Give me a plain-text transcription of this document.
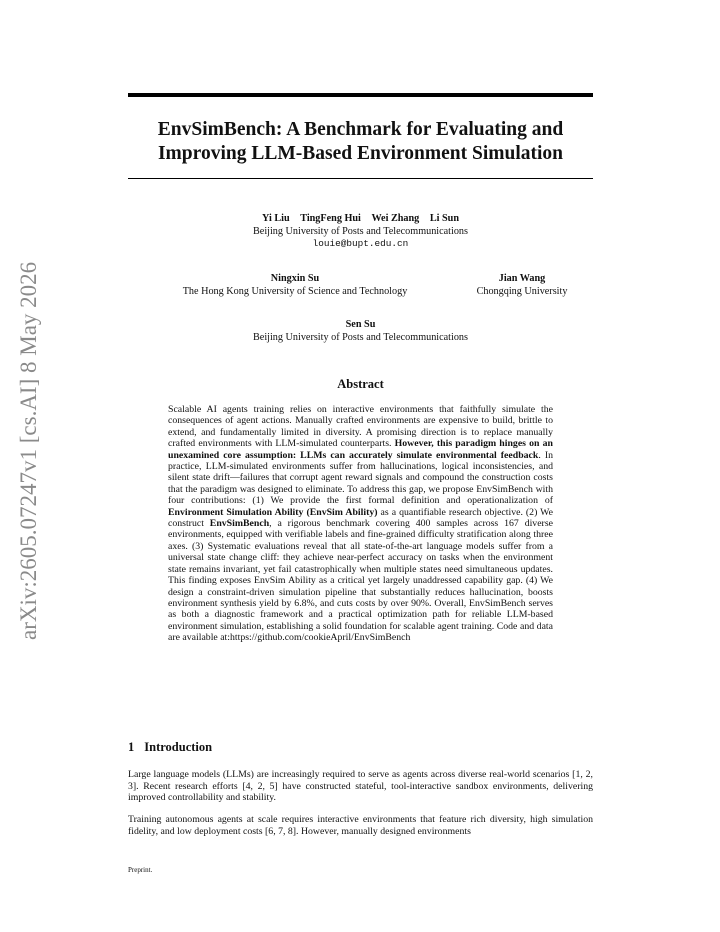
arXiv:2605.07247v1 [cs.AI] 8 May 2026
EnvSimBench: A Benchmark for Evaluating and
Improving LLM-Based Environment Simulation
Yi Liu TingFeng Hui Wei Zhang Li Sun
Beijing University of Posts and Telecommunications
louie@bupt.edu.cn
Ningxin Su
The Hong Kong University of Science and Technology
Jian Wang
Chongqing University
Sen Su
Beijing University of Posts and Telecommunications
Abstract

Scalable AI agents training relies on interactive environments that faithfully simulate the consequences of agent actions. Manually crafted environments are expensive to build, brittle to extend, and fundamentally limited in diversity. A promising direction is to replace manually crafted environments with LLM-simulated counterparts. However, this paradigm hinges on an unexamined core assumption: LLMs can accurately simulate environmental feedback. In practice, LLM-simulated environments suffer from hallucinations, logical inconsistencies, and silent state drift—failures that corrupt agent reward signals and compound the construction costs that the paradigm was designed to eliminate. To address this gap, we propose EnvSimBench with four contributions: (1) We provide the first formal definition and operationalization of Environment Simulation Ability (EnvSim Ability) as a quantifiable research objective. (2) We construct EnvSimBench, a rigorous benchmark covering 400 samples across 167 diverse environments, equipped with verifiable labels and fine-grained difficulty stratification along three axes. (3) Systematic evaluations reveal that all state-of-the-art language models suffer from a universal state change cliff: they achieve near-perfect accuracy on tasks when the environment state remains invariant, yet fail catastrophically when multiple states need simultaneous updates. This finding exposes EnvSim Ability as a critical yet largely unaddressed capability gap. (4) We design a constraint-driven simulation pipeline that substantially reduces hallucination, boosts environment synthesis yield by 6.8%, and cuts costs by over 90%. Overall, EnvSimBench serves as both a diagnostic framework and a practical optimization path for reliable LLM-based environment simulation, establishing a solid foundation for scalable agent training. Code and data are available at:https://github.com/cookieApril/EnvSimBench

1 Introduction

Large language models (LLMs) are increasingly required to serve as agents across diverse real-world scenarios [1, 2, 3]. Recent research efforts [4, 2, 5] have constructed stateful, tool-interactive sandbox environments, delivering improved controllability and stability.

Training autonomous agents at scale requires interactive environments that feature rich diversity, high simulation fidelity, and low deployment costs [6, 7, 8]. However, manually designed environments

Preprint.
